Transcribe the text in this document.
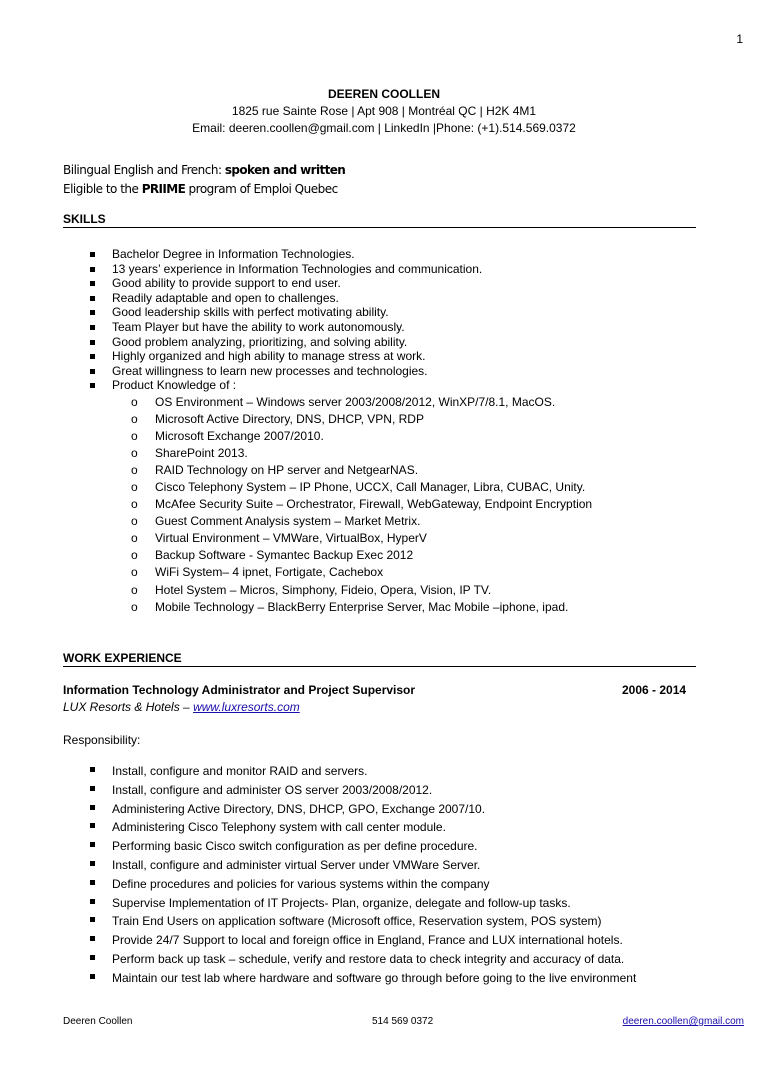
1
DEEREN COOLLEN
1825 rue Sainte Rose | Apt 908 | Montréal QC | H2K 4M1
Email: deeren.coollen@gmail.com | LinkedIn |Phone: (+1).514.569.0372
Bilingual English and French: spoken and written
Eligible to the PRIIME program of Emploi Quebec
SKILLS
Bachelor Degree in Information Technologies.
13 years’ experience in Information Technologies and communication.
Good ability to provide support to end user.
Readily adaptable and open to challenges.
Good leadership skills with perfect motivating ability.
Team Player but have the ability to work autonomously.
Good problem analyzing, prioritizing, and solving ability.
Highly organized and high ability to manage stress at work.
Great willingness to learn new processes and technologies.
Product Knowledge of :
o OS Environment – Windows server 2003/2008/2012, WinXP/7/8.1, MacOS.
o Microsoft Active Directory, DNS, DHCP, VPN, RDP
o Microsoft Exchange 2007/2010.
o SharePoint 2013.
o RAID Technology on HP server and NetgearNAS.
o Cisco Telephony System – IP Phone, UCCX, Call Manager, Libra, CUBAC, Unity.
o McAfee Security Suite – Orchestrator, Firewall, WebGateway, Endpoint Encryption
o Guest Comment Analysis system – Market Metrix.
o Virtual Environment – VMWare, VirtualBox, HyperV
o Backup Software - Symantec Backup Exec 2012
o WiFi System– 4 ipnet, Fortigate, Cachebox
o Hotel System – Micros, Simphony, Fideio, Opera, Vision, IP TV.
o Mobile Technology – BlackBerry Enterprise Server, Mac Mobile –iphone, ipad.
WORK EXPERIENCE
Information Technology Administrator and Project Supervisor	2006 - 2014
LUX Resorts & Hotels – www.luxresorts.com
Responsibility:
Install, configure and monitor RAID and servers.
Install, configure and administer OS server 2003/2008/2012.
Administering Active Directory, DNS, DHCP, GPO, Exchange 2007/10.
Administering Cisco Telephony system with call center module.
Performing basic Cisco switch configuration as per define procedure.
Install, configure and administer virtual Server under VMWare Server.
Define procedures and policies for various systems within the company
Supervise Implementation of IT Projects- Plan, organize, delegate and follow-up tasks.
Train End Users on application software (Microsoft office, Reservation system, POS system)
Provide 24/7 Support to local and foreign office in England, France and LUX international hotels.
Perform back up task – schedule, verify and restore data to check integrity and accuracy of data.
Maintain our test lab where hardware and software go through before going to the live environment
Deeren Coollen	514 569 0372	deeren.coollen@gmail.com
